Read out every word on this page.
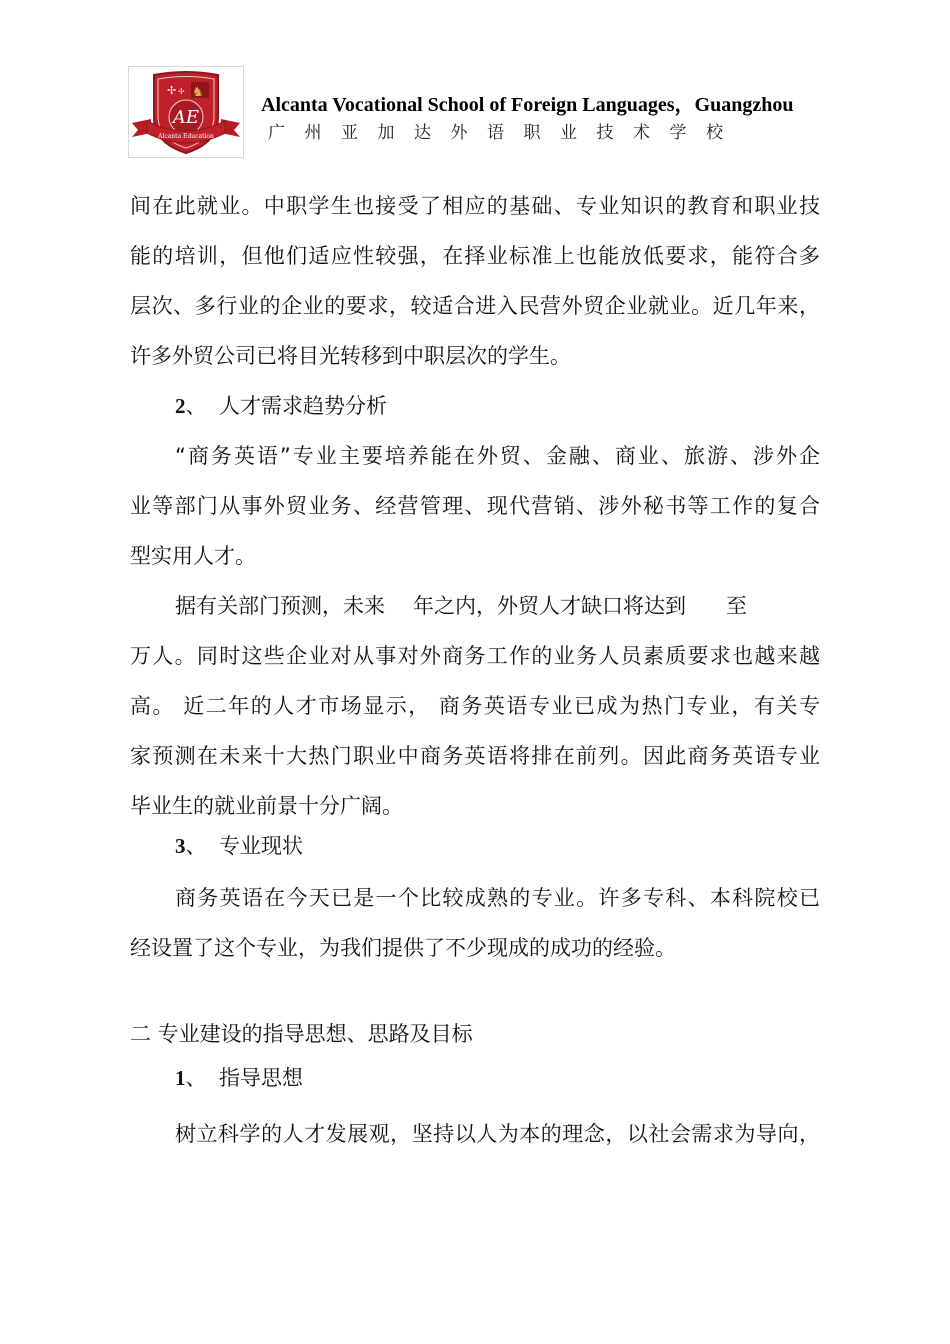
✢ ✢ ♞
AE
Alcanta Education
Alcanta Vocational School of Foreign Languages，Guangzhou
广州亚加达外语职业技术学校
间在此就业。中职学生也接受了相应的基础、专业知识的教育和职业技
能的培训，但他们适应性较强，在择业标准上也能放低要求，能符合多
层次、多行业的企业的要求，较适合进入民营外贸企业就业。近几年来，
许多外贸公司已将目光转移到中职层次的学生。
2、 人才需求趋势分析
“商务英语”专业主要培养能在外贸、金融、商业、旅游、涉外企
业等部门从事外贸业务、经营管理、现代营销、涉外秘书等工作的复合
型实用人才。
据有关部门预测，未来 年之内，外贸人才缺口将达到 至
万人。同时这些企业对从事对外商务工作的业务人员素质要求也越来越
高。 近二年的人才市场显示， 商务英语专业已成为热门专业，有关专
家预测在未来十大热门职业中商务英语将排在前列。因此商务英语专业
毕业生的就业前景十分广阔。
3、 专业现状
商务英语在今天已是一个比较成熟的专业。许多专科、本科院校已
经设置了这个专业，为我们提供了不少现成的成功的经验。
二 专业建设的指导思想、思路及目标
1、 指导思想
树立科学的人才发展观，坚持以人为本的理念，以社会需求为导向，
